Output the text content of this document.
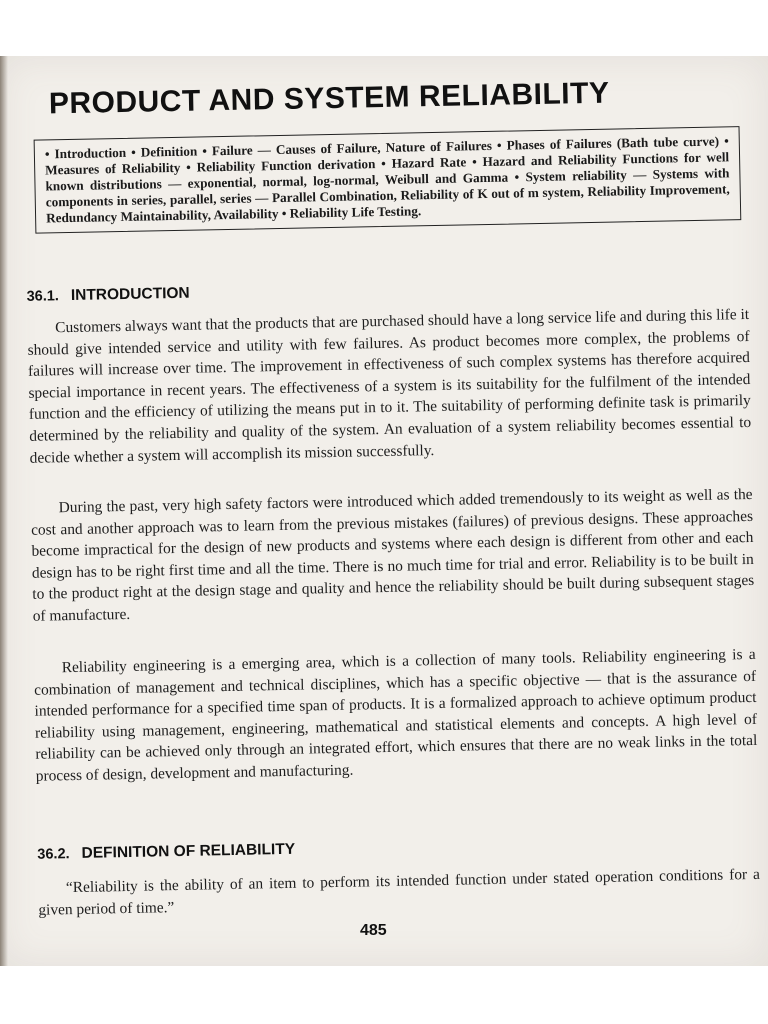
PRODUCT AND SYSTEM RELIABILITY
• Introduction • Definition • Failure — Causes of Failure, Nature of Failures • Phases of Failures (Bath tube curve) • Measures of Reliability • Reliability Function derivation • Hazard Rate • Hazard and Reliability Functions for well known distributions — exponential, normal, log-normal, Weibull and Gamma • System reliability — Systems with components in series, parallel, series — Parallel Combination, Reliability of K out of m system, Reliability Improvement, Redundancy Maintainability, Availability • Reliability Life Testing.
36.1. INTRODUCTION
Customers always want that the products that are purchased should have a long service life and during this life it should give intended service and utility with few failures. As product becomes more complex, the problems of failures will increase over time. The improvement in effectiveness of such complex systems has therefore acquired special importance in recent years. The effectiveness of a system is its suitability for the fulfilment of the intended function and the efficiency of utilizing the means put in to it. The suitability of performing definite task is primarily determined by the reliability and quality of the system. An evaluation of a system reliability becomes essential to decide whether a system will accomplish its mission successfully.
During the past, very high safety factors were introduced which added tremendously to its weight as well as the cost and another approach was to learn from the previous mistakes (failures) of previous designs. These approaches become impractical for the design of new products and systems where each design is different from other and each design has to be right first time and all the time. There is no much time for trial and error. Reliability is to be built in to the product right at the design stage and quality and hence the reliability should be built during subsequent stages of manufacture.
Reliability engineering is a emerging area, which is a collection of many tools. Reliability engineering is a combination of management and technical disciplines, which has a specific objective — that is the assurance of intended performance for a specified time span of products. It is a formalized approach to achieve optimum product reliability using management, engineering, mathematical and statistical elements and concepts. A high level of reliability can be achieved only through an integrated effort, which ensures that there are no weak links in the total process of design, development and manufacturing.
36.2. DEFINITION OF RELIABILITY
“Reliability is the ability of an item to perform its intended function under stated operation conditions for a given period of time.”
485
